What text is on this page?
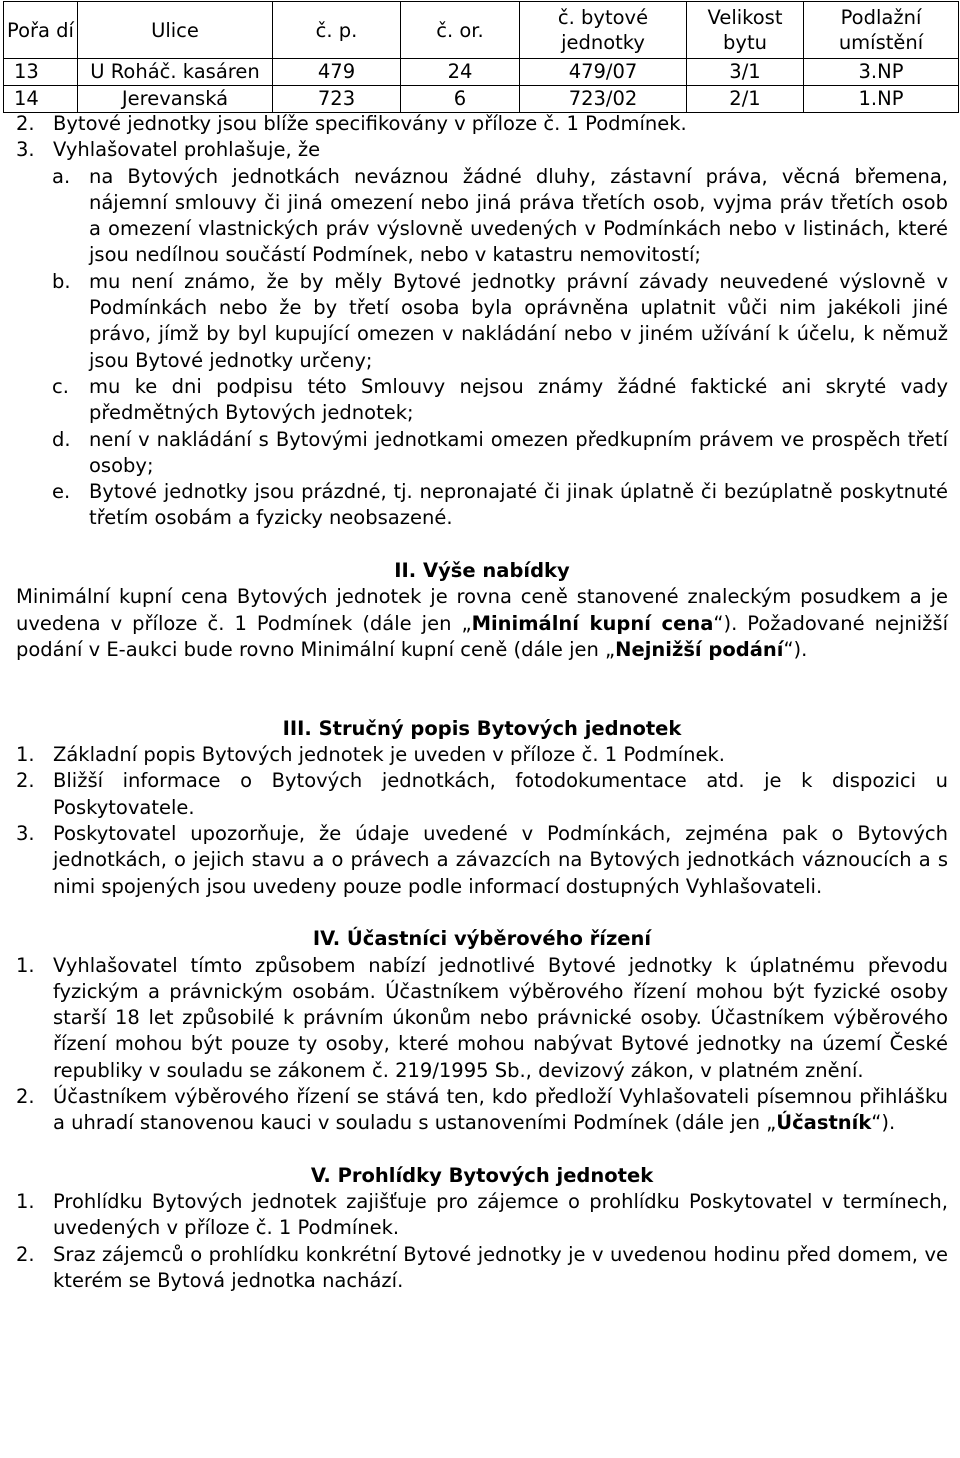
Pořa dí	Ulice	č. p.	č. or.	č. bytové jednotky	Velikost bytu	Podlažní umístění
13	U Roháč. kasáren	479	24	479/07	3/1	3.NP
14	Jerevanská	723	6	723/02	2/1	1.NP
2. Bytové jednotky jsou blíže specifikovány v příloze č. 1 Podmínek.
3. Vyhlašovatel prohlašuje, že
a. na Bytových jednotkách neváznou žádné dluhy, zástavní práva, věcná břemena, nájemní smlouvy či jiná omezení nebo jiná práva třetích osob, vyjma práv třetích osob a omezení vlastnických práv výslovně uvedených v Podmínkách nebo v listinách, které jsou nedílnou součástí Podmínek, nebo v katastru nemovitostí;
b. mu není známo, že by měly Bytové jednotky právní závady neuvedené výslovně v Podmínkách nebo že by třetí osoba byla oprávněna uplatnit vůči nim jakékoli jiné právo, jímž by byl kupující omezen v nakládání nebo v jiném užívání k účelu, k němuž jsou Bytové jednotky určeny;
c.	mu ke dni podpisu této Smlouvy nejsou známy žádné faktické ani skryté vady předmětných Bytových jednotek;
d. není v nakládání s Bytovými jednotkami omezen předkupním právem ve prospěch třetí osoby;
e. Bytové jednotky jsou prázdné, tj. nepronajaté či jinak úplatně či bezúplatně poskytnuté třetím osobám a fyzicky neobsazené.
II. Výše nabídky
Minimální kupní cena Bytových jednotek je rovna ceně stanovené znaleckým posudkem a je uvedena v příloze č. 1 Podmínek (dále jen „Minimální kupní cena“). Požadované nejnižší podání v E-aukci bude rovno Minimální kupní ceně (dále jen „Nejnižší podání“).
III. Stručný popis Bytových jednotek
1. Základní popis Bytových jednotek je uveden v příloze č. 1 Podmínek.
2. Bližší informace o Bytových jednotkách, fotodokumentace atd. je k dispozici u Poskytovatele.
3. Poskytovatel upozorňuje, že údaje uvedené v Podmínkách, zejména pak o Bytových jednotkách, o jejich stavu a o právech a závazcích na Bytových jednotkách váznoucích a s nimi spojených jsou uvedeny pouze podle informací dostupných Vyhlašovateli.
IV. Účastníci výběrového řízení
1. Vyhlašovatel tímto způsobem nabízí jednotlivé Bytové jednotky k úplatnému převodu fyzickým a právnickým osobám. Účastníkem výběrového řízení mohou být fyzické osoby starší 18 let způsobilé k právním úkonům nebo právnické osoby. Účastníkem výběrového řízení mohou být pouze ty osoby, které mohou nabývat Bytové jednotky na území České republiky v souladu se zákonem č. 219/1995 Sb., devizový zákon, v platném znění.
2. Účastníkem výběrového řízení se stává ten, kdo předloží Vyhlašovateli písemnou přihlášku a uhradí stanovenou kauci v souladu s ustanoveními Podmínek (dále jen „Účastník“).
V. Prohlídky Bytových jednotek
1. Prohlídku Bytových jednotek zajišťuje pro zájemce o prohlídku Poskytovatel v termínech, uvedených v příloze č. 1 Podmínek.
2. Sraz zájemců o prohlídku konkrétní Bytové jednotky je v uvedenou hodinu před domem, ve kterém se Bytová jednotka nachází.
